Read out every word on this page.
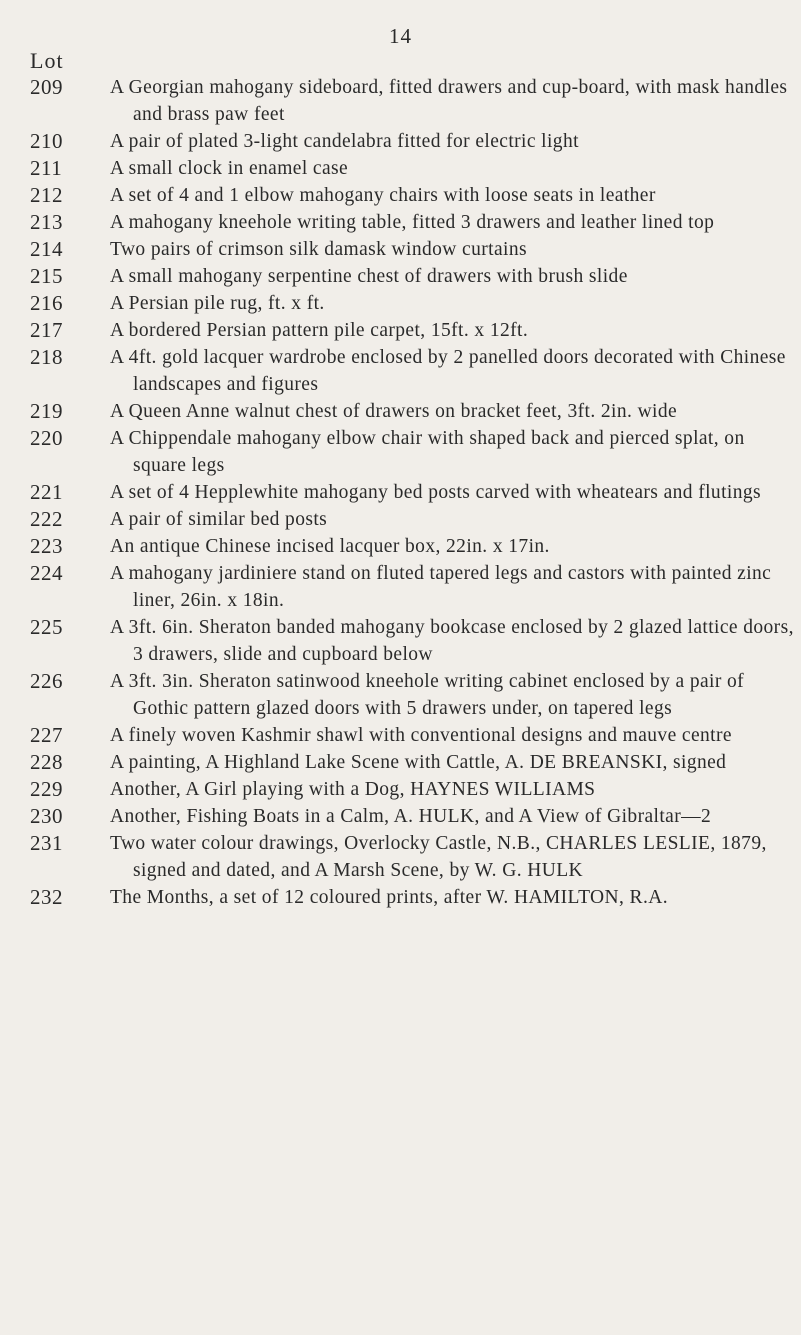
14
Lot
209 A Georgian mahogany sideboard, fitted drawers and cup-board, with mask handles and brass paw feet
210 A pair of plated 3-light candelabra fitted for electric light
211 A small clock in enamel case
212 A set of 4 and 1 elbow mahogany chairs with loose seats in leather
213 A mahogany kneehole writing table, fitted 3 drawers and leather lined top
214 Two pairs of crimson silk damask window curtains
215 A small mahogany serpentine chest of drawers with brush slide
216 A Persian pile rug, ft. x ft.
217 A bordered Persian pattern pile carpet, 15ft. x 12ft.
218 A 4ft. gold lacquer wardrobe enclosed by 2 panelled doors decorated with Chinese landscapes and figures
219 A Queen Anne walnut chest of drawers on bracket feet, 3ft. 2in. wide
220 A Chippendale mahogany elbow chair with shaped back and pierced splat, on square legs
221 A set of 4 Hepplewhite mahogany bed posts carved with wheatears and flutings
222 A pair of similar bed posts
223 An antique Chinese incised lacquer box, 22in. x 17in.
224 A mahogany jardiniere stand on fluted tapered legs and castors with painted zinc liner, 26in. x 18in.
225 A 3ft. 6in. Sheraton banded mahogany bookcase enclosed by 2 glazed lattice doors, 3 drawers, slide and cupboard below
226 A 3ft. 3in. Sheraton satinwood kneehole writing cabinet enclosed by a pair of Gothic pattern glazed doors with 5 drawers under, on tapered legs
227 A finely woven Kashmir shawl with conventional designs and mauve centre
228 A painting, A Highland Lake Scene with Cattle, A. DE BREANSKI, signed
229 Another, A Girl playing with a Dog, HAYNES WILLIAMS
230 Another, Fishing Boats in a Calm, A. HULK, and A View of Gibraltar—2
231 Two water colour drawings, Overlocky Castle, N.B., CHARLES LESLIE, 1879, signed and dated, and A Marsh Scene, by W. G. HULK
232 The Months, a set of 12 coloured prints, after W. HAMILTON, R.A.
